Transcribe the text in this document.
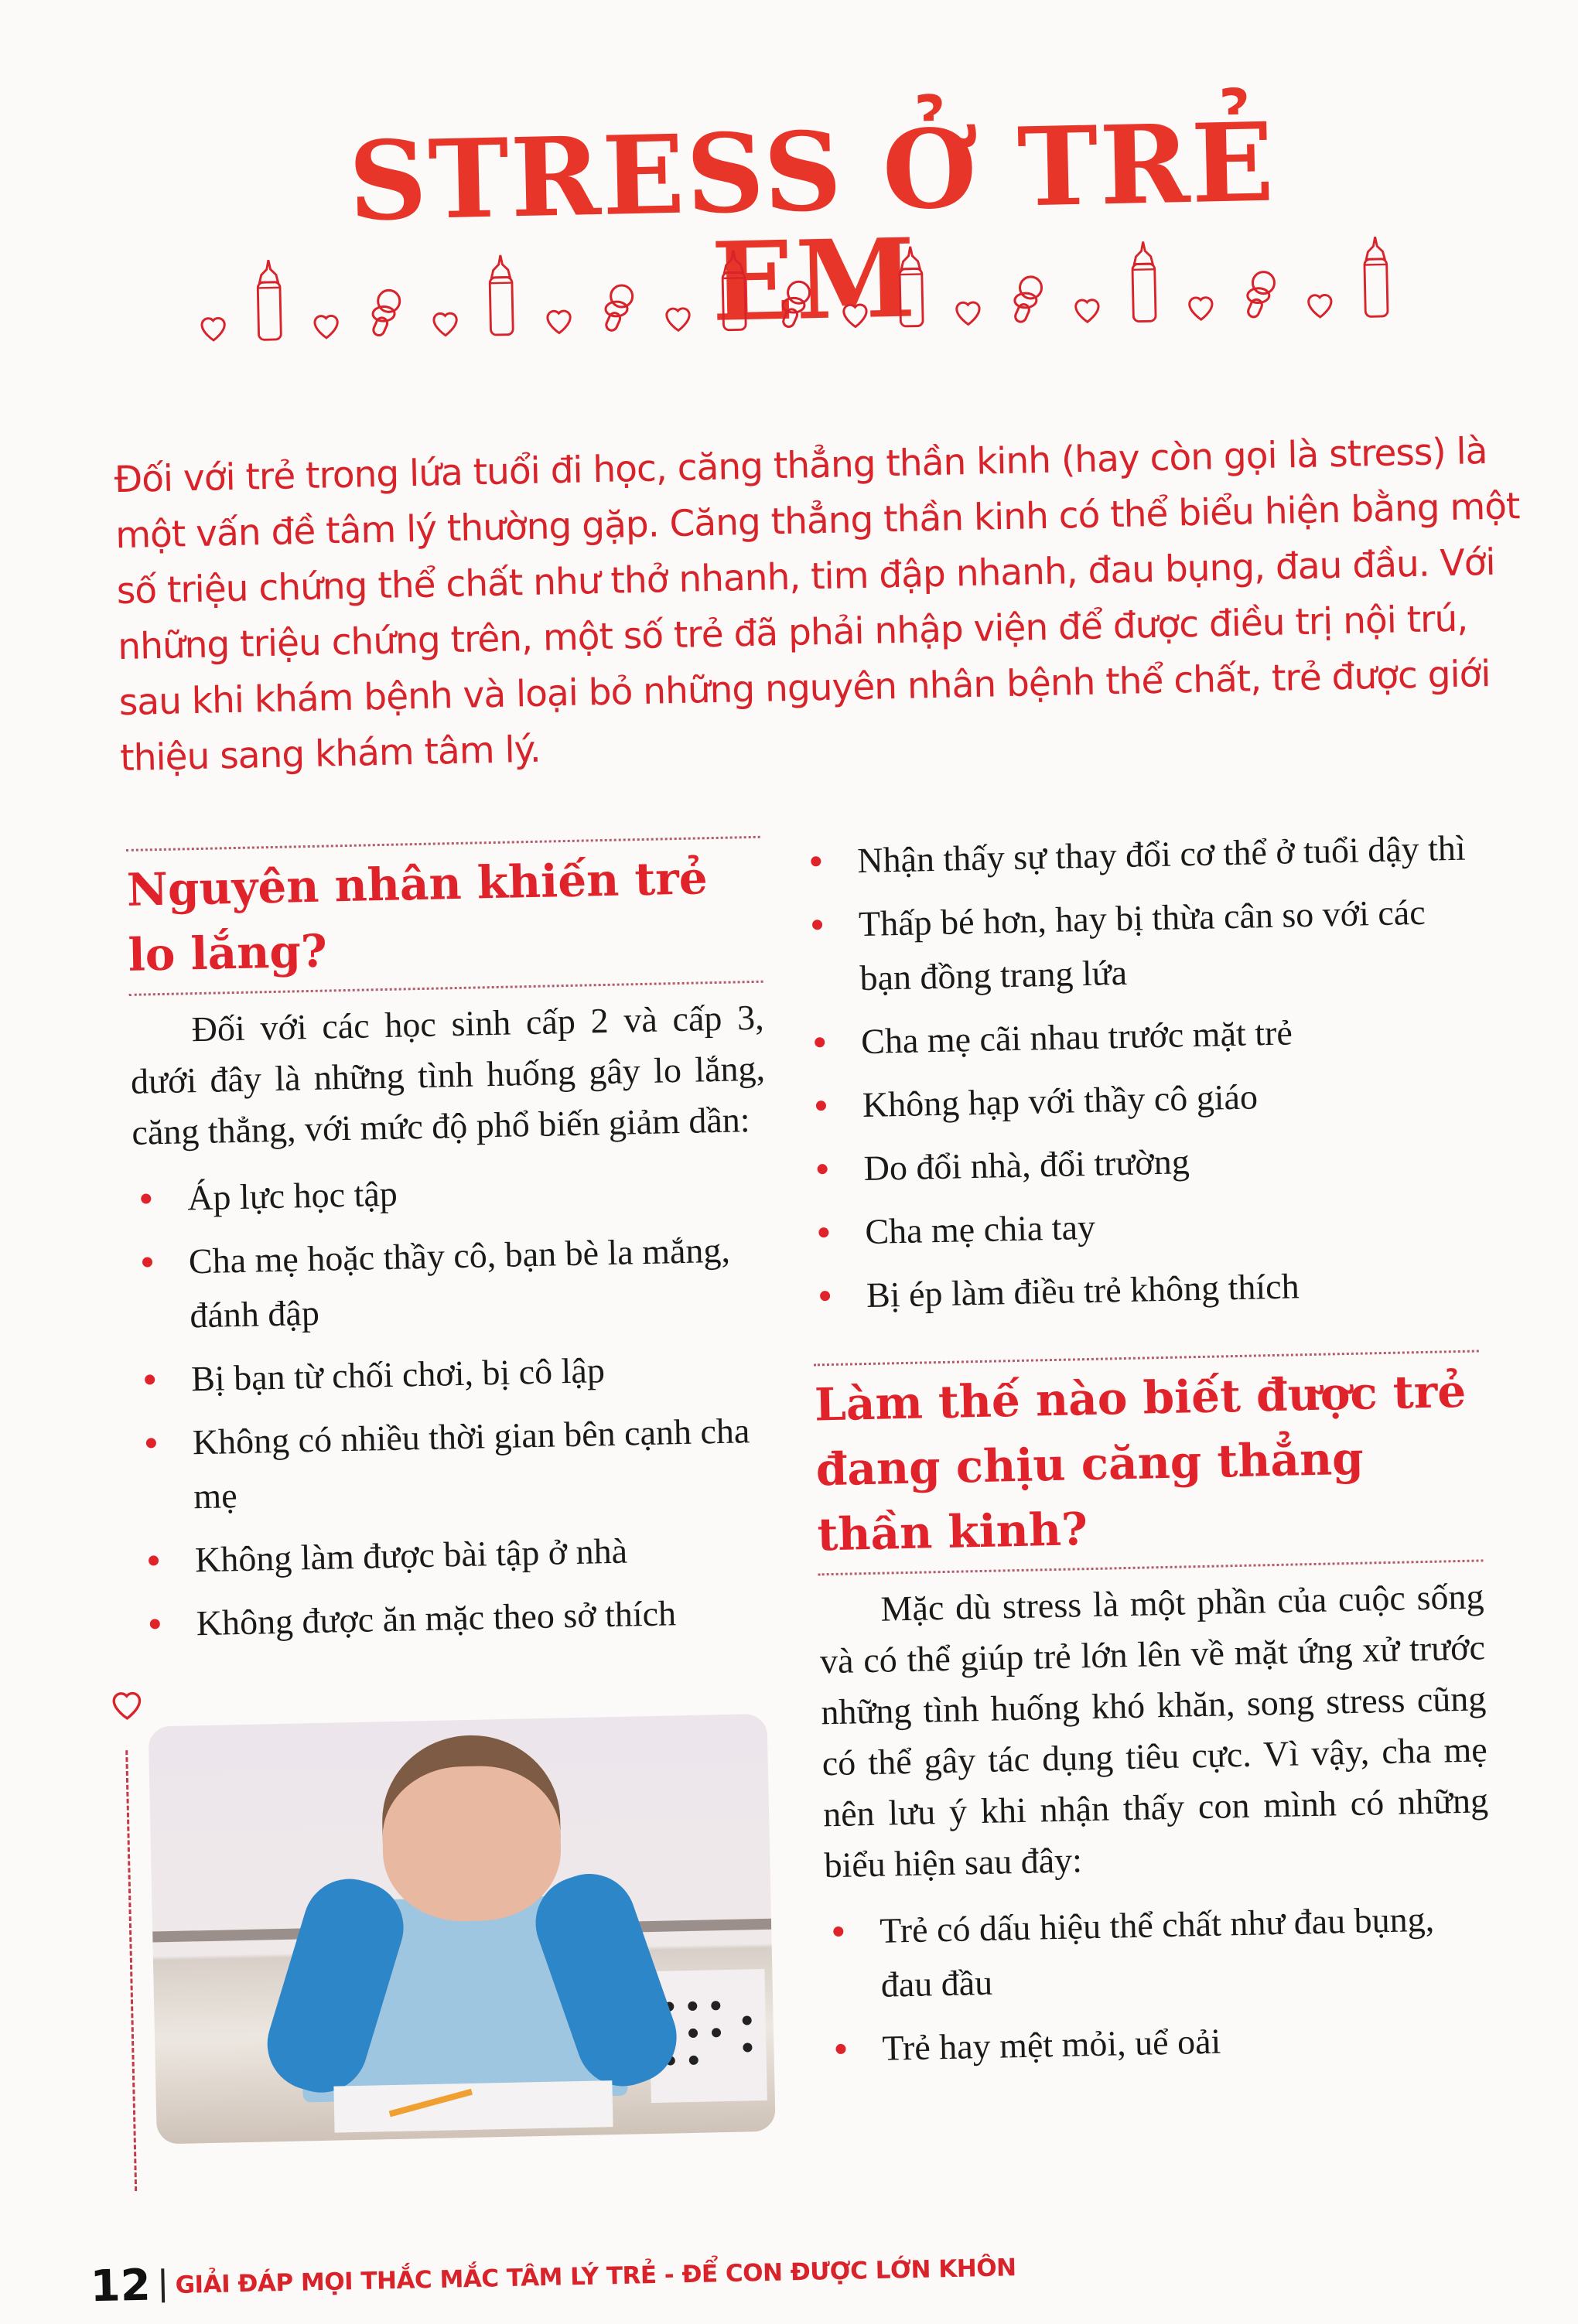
STRESS Ở TRẺ EM

Đối với trẻ trong lứa tuổi đi học, căng thẳng thần kinh (hay còn gọi là stress) là một vấn đề tâm lý thường gặp. Căng thẳng thần kinh có thể biểu hiện bằng một số triệu chứng thể chất như thở nhanh, tim đập nhanh, đau bụng, đau đầu. Với những triệu chứng trên, một số trẻ đã phải nhập viện để được điều trị nội trú, sau khi khám bệnh và loại bỏ những nguyên nhân bệnh thể chất, trẻ được giới thiệu sang khám tâm lý.

Nguyên nhân khiến trẻ lo lắng?

Đối với các học sinh cấp 2 và cấp 3, dưới đây là những tình huống gây lo lắng, căng thẳng, với mức độ phổ biến giảm dần:

Áp lực học tập
Cha mẹ hoặc thầy cô, bạn bè la mắng, đánh đập
Bị bạn từ chối chơi, bị cô lập
Không có nhiều thời gian bên cạnh cha mẹ
Không làm được bài tập ở nhà
Không được ăn mặc theo sở thích
Nhận thấy sự thay đổi cơ thể ở tuổi dậy thì
Thấp bé hơn, hay bị thừa cân so với các bạn đồng trang lứa
Cha mẹ cãi nhau trước mặt trẻ
Không hạp với thầy cô giáo
Do đổi nhà, đổi trường
Cha mẹ chia tay
Bị ép làm điều trẻ không thích
Làm thế nào biết được trẻ đang chịu căng thẳng thần kinh?

Mặc dù stress là một phần của cuộc sống và có thể giúp trẻ lớn lên về mặt ứng xử trước những tình huống khó khăn, song stress cũng có thể gây tác dụng tiêu cực. Vì vậy, cha mẹ nên lưu ý khi nhận thấy con mình có những biểu hiện sau đây:

Trẻ có dấu hiệu thể chất như đau bụng, đau đầu
Trẻ hay mệt mỏi, uể oải
12 GIẢI ĐÁP MỌI THẮC MẮC TÂM LÝ TRẺ - ĐỂ CON ĐƯỢC LỚN KHÔN
